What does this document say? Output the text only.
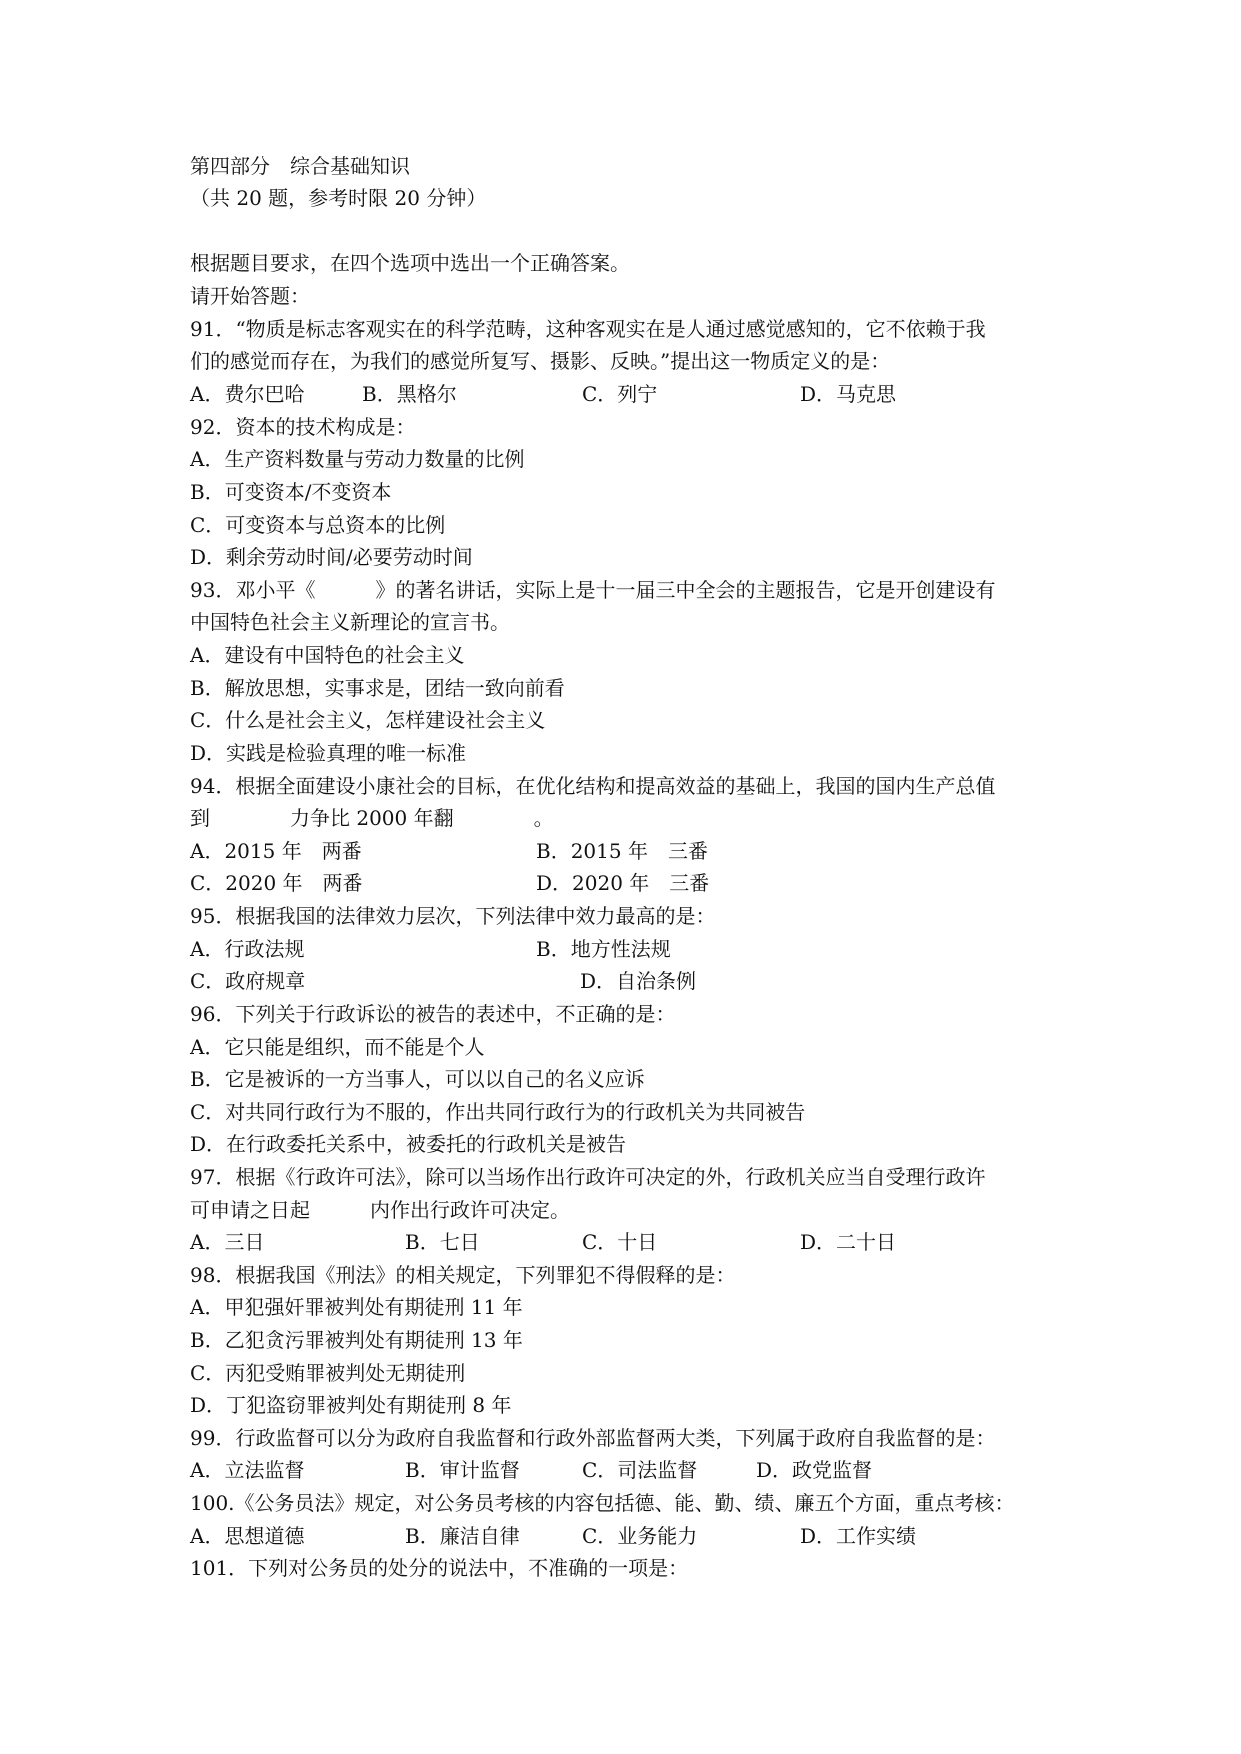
第四部分　综合基础知识
（共 20 题，参考时限 20 分钟）
根据题目要求，在四个选项中选出一个正确答案。
请开始答题：
91．“物质是标志客观实在的科学范畴，这种客观实在是人通过感觉感知的，它不依赖于我
们的感觉而存在，为我们的感觉所复写、摄影、反映。”提出这一物质定义的是：
A．费尔巴哈	B．黑格尔	C．列宁	D．马克思
92．资本的技术构成是：
A．生产资料数量与劳动力数量的比例
B．可变资本/不变资本
C．可变资本与总资本的比例
D．剩余劳动时间/必要劳动时间
93．邓小平《　　　》的著名讲话，实际上是十一届三中全会的主题报告，它是开创建设有
中国特色社会主义新理论的宣言书。
A．建设有中国特色的社会主义
B．解放思想，实事求是，团结一致向前看
C．什么是社会主义，怎样建设社会主义
D．实践是检验真理的唯一标准
94．根据全面建设小康社会的目标，在优化结构和提高效益的基础上，我国的国内生产总值
到　　　　力争比 2000 年翻　　　　。
A．2015 年　两番	B．2015 年　三番
C．2020 年　两番	D．2020 年　三番
95．根据我国的法律效力层次，下列法律中效力最高的是：
A．行政法规	B．地方性法规
C．政府规章	D．自治条例
96．下列关于行政诉讼的被告的表述中，不正确的是：
A．它只能是组织，而不能是个人
B．它是被诉的一方当事人，可以以自己的名义应诉
C．对共同行政行为不服的，作出共同行政行为的行政机关为共同被告
D．在行政委托关系中，被委托的行政机关是被告
97．根据《行政许可法》，除可以当场作出行政许可决定的外，行政机关应当自受理行政许
可申请之日起　　　内作出行政许可决定。
A．三日	B．七日	C．十日	D．二十日
98．根据我国《刑法》的相关规定，下列罪犯不得假释的是：
A．甲犯强奸罪被判处有期徒刑 11 年
B．乙犯贪污罪被判处有期徒刑 13 年
C．丙犯受贿罪被判处无期徒刑
D．丁犯盗窃罪被判处有期徒刑 8 年
99．行政监督可以分为政府自我监督和行政外部监督两大类，下列属于政府自我监督的是：
A．立法监督	B．审计监督	C．司法监督	D．政党监督
100.《公务员法》规定，对公务员考核的内容包括德、能、勤、绩、廉五个方面，重点考核：
A．思想道德	B．廉洁自律	C．业务能力	D．工作实绩
101．下列对公务员的处分的说法中，不准确的一项是：
